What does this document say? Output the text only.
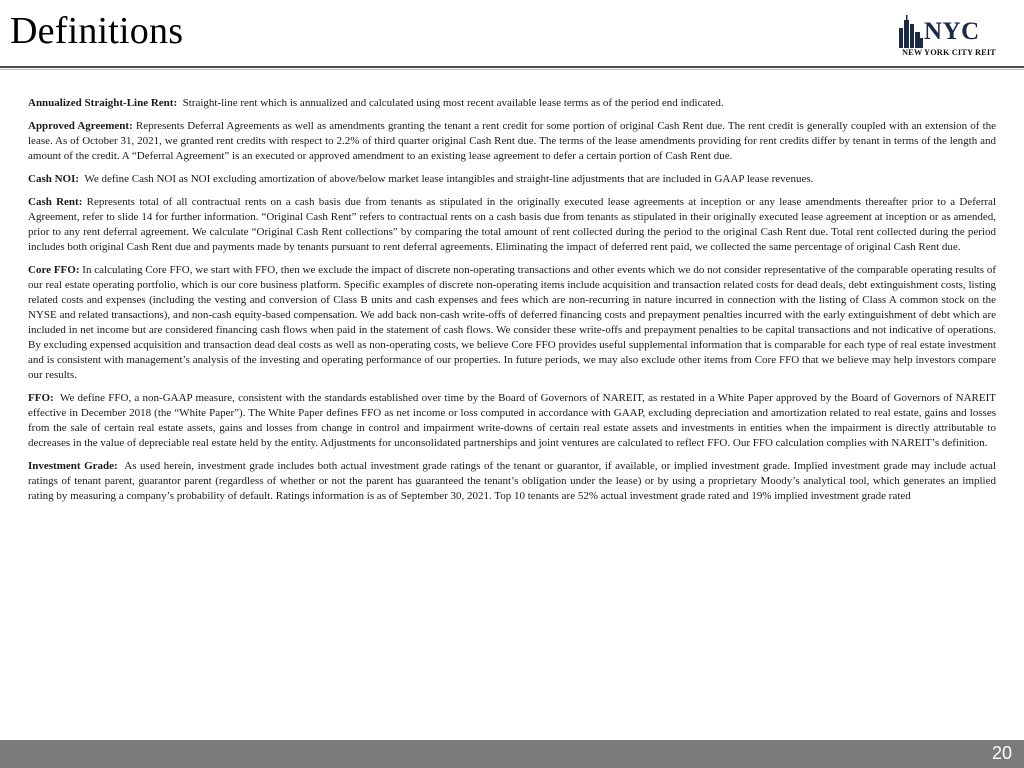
Definitions	NYC
NEW YORK CITY REIT

Annualized Straight-Line Rent: Straight-line rent which is annualized and calculated using most recent available lease terms as of the period end indicated.

Approved Agreement: Represents Deferral Agreements as well as amendments granting the tenant a rent credit for some portion of original Cash Rent due. The rent credit is generally coupled with an extension of the lease. As of October 31, 2021, we granted rent credits with respect to 2.2% of third quarter original Cash Rent due. The terms of the lease amendments providing for rent credits differ by tenant in terms of the length and amount of the credit. A “Deferral Agreement” is an executed or approved amendment to an existing lease agreement to defer a certain portion of Cash Rent due.

Cash NOI: We define Cash NOI as NOI excluding amortization of above/below market lease intangibles and straight-line adjustments that are included in GAAP lease revenues.

Cash Rent: Represents total of all contractual rents on a cash basis due from tenants as stipulated in the originally executed lease agreements at inception or any lease amendments thereafter prior to a Deferral Agreement, refer to slide 14 for further information. “Original Cash Rent” refers to contractual rents on a cash basis due from tenants as stipulated in their originally executed lease agreement at inception or as amended, prior to any rent deferral agreement. We calculate “Original Cash Rent collections” by comparing the total amount of rent collected during the period to the original Cash Rent due. Total rent collected during the period includes both original Cash Rent due and payments made by tenants pursuant to rent deferral agreements. Eliminating the impact of deferred rent paid, we collected the same percentage of original Cash Rent due.

Core FFO: In calculating Core FFO, we start with FFO, then we exclude the impact of discrete non-operating transactions and other events which we do not consider representative of the comparable operating results of our real estate operating portfolio, which is our core business platform. Specific examples of discrete non-operating items include acquisition and transaction related costs for dead deals, debt extinguishment costs, listing related costs and expenses (including the vesting and conversion of Class B units and cash expenses and fees which are non-recurring in nature incurred in connection with the listing of Class A common stock on the NYSE and related transactions), and non-cash equity-based compensation. We add back non-cash write-offs of deferred financing costs and prepayment penalties incurred with the early extinguishment of debt which are included in net income but are considered financing cash flows when paid in the statement of cash flows. We consider these write-offs and prepayment penalties to be capital transactions and not indicative of operations. By excluding expensed acquisition and transaction dead deal costs as well as non-operating costs, we believe Core FFO provides useful supplemental information that is comparable for each type of real estate investment and is consistent with management’s analysis of the investing and operating performance of our properties. In future periods, we may also exclude other items from Core FFO that we believe may help investors compare our results.

FFO: We define FFO, a non-GAAP measure, consistent with the standards established over time by the Board of Governors of NAREIT, as restated in a White Paper approved by the Board of Governors of NAREIT effective in December 2018 (the “White Paper”). The White Paper defines FFO as net income or loss computed in accordance with GAAP, excluding depreciation and amortization related to real estate, gains and losses from the sale of certain real estate assets, gains and losses from change in control and impairment write-downs of certain real estate assets and investments in entities when the impairment is directly attributable to decreases in the value of depreciable real estate held by the entity. Adjustments for unconsolidated partnerships and joint ventures are calculated to reflect FFO. Our FFO calculation complies with NAREIT’s definition.

Investment Grade: As used herein, investment grade includes both actual investment grade ratings of the tenant or guarantor, if available, or implied investment grade. Implied investment grade may include actual ratings of tenant parent, guarantor parent (regardless of whether or not the parent has guaranteed the tenant’s obligation under the lease) or by using a proprietary Moody’s analytical tool, which generates an implied rating by measuring a company’s probability of default. Ratings information is as of September 30, 2021. Top 10 tenants are 52% actual investment grade rated and 19% implied investment grade rated

20
